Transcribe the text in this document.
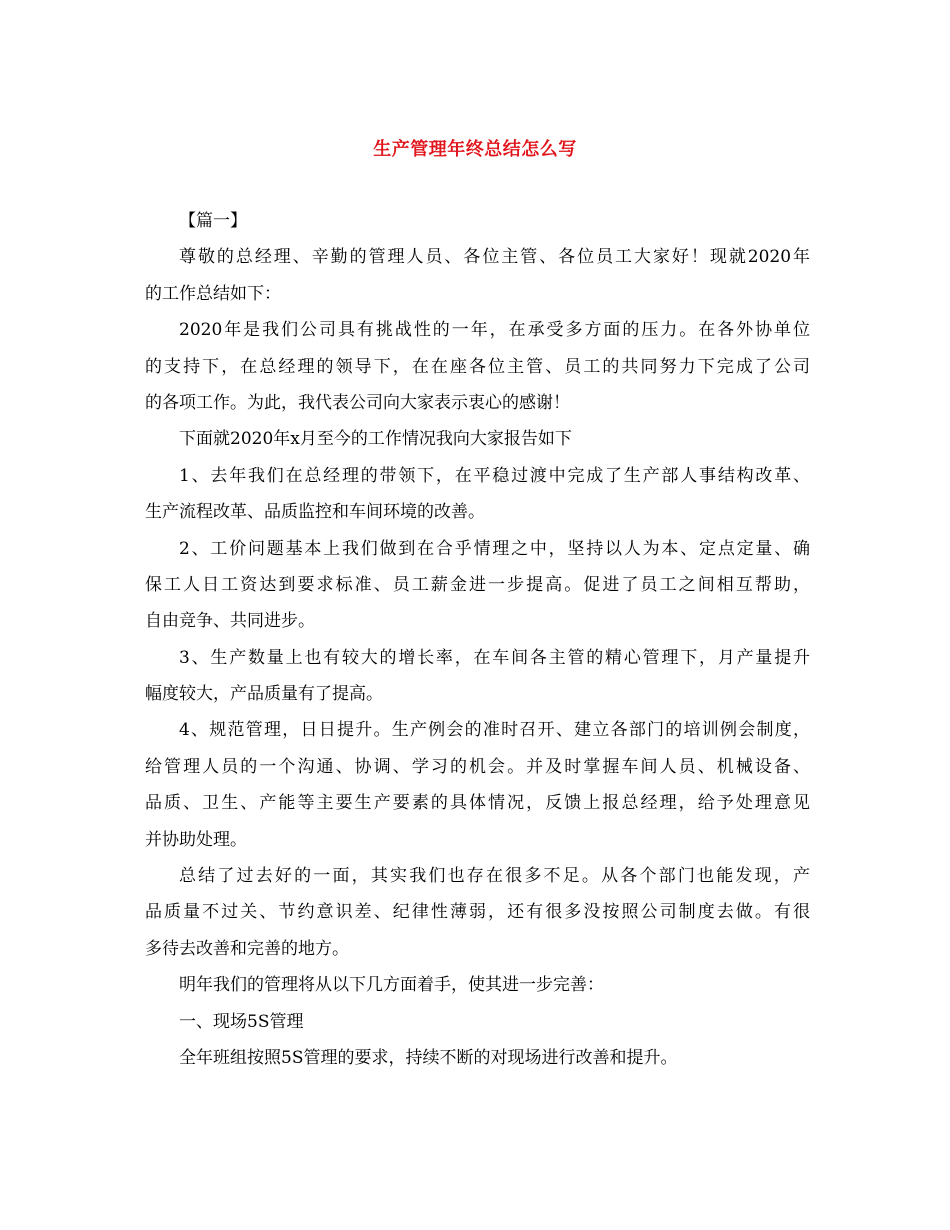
生产管理年终总结怎么写
【篇一】
尊敬的总经理、辛勤的管理人员、各位主管、各位员工大家好！现就2020年
的工作总结如下：
2020年是我们公司具有挑战性的一年，在承受多方面的压力。在各外协单位
的支持下，在总经理的领导下，在在座各位主管、员工的共同努力下完成了公司
的各项工作。为此，我代表公司向大家表示衷心的感谢！
下面就2020年x月至今的工作情况我向大家报告如下
1、去年我们在总经理的带领下，在平稳过渡中完成了生产部人事结构改革、
生产流程改革、品质监控和车间环境的改善。
2、工价问题基本上我们做到在合乎情理之中，坚持以人为本、定点定量、确
保工人日工资达到要求标准、员工薪金进一步提高。促进了员工之间相互帮助，
自由竞争、共同进步。
3、生产数量上也有较大的增长率，在车间各主管的精心管理下，月产量提升
幅度较大，产品质量有了提高。
4、规范管理，日日提升。生产例会的准时召开、建立各部门的培训例会制度，
给管理人员的一个沟通、协调、学习的机会。并及时掌握车间人员、机械设备、
品质、卫生、产能等主要生产要素的具体情况，反馈上报总经理，给予处理意见
并协助处理。
总结了过去好的一面，其实我们也存在很多不足。从各个部门也能发现，产
品质量不过关、节约意识差、纪律性薄弱，还有很多没按照公司制度去做。有很
多待去改善和完善的地方。
明年我们的管理将从以下几方面着手，使其进一步完善：
一、现场5S管理
全年班组按照5S管理的要求，持续不断的对现场进行改善和提升。
